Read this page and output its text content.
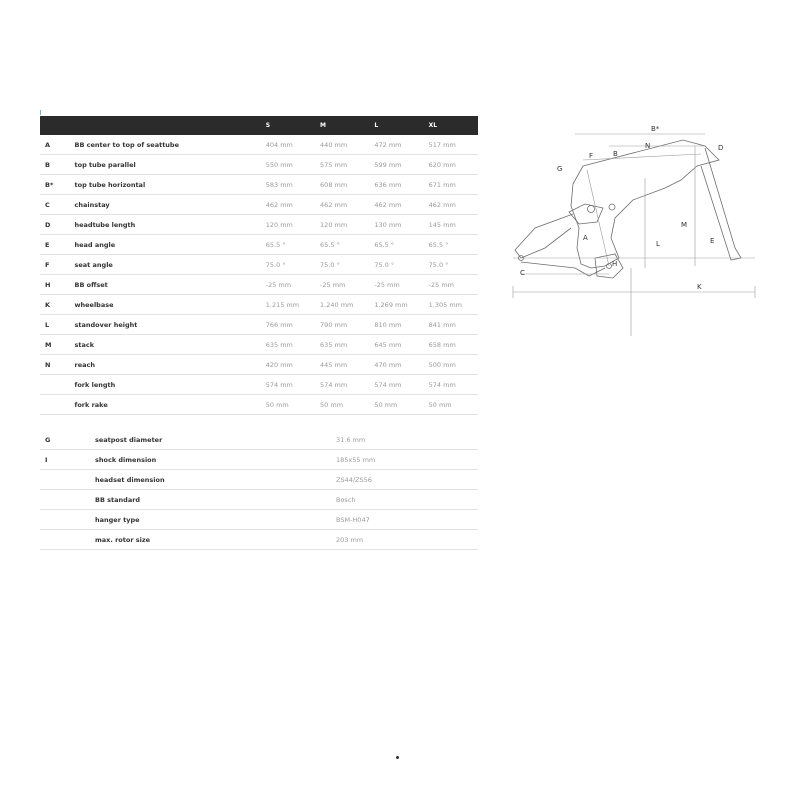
		S	M	L	XL
A	BB center to top of seattube	404 mm	440 mm	472 mm	517 mm
B	top tube parallel	550 mm	575 mm	599 mm	620 mm
B*	top tube horizontal	583 mm	608 mm	636 mm	671 mm
C	chainstay	462 mm	462 mm	462 mm	462 mm
D	headtube length	120 mm	120 mm	130 mm	145 mm
E	head angle	65.5 °	65.5 °	65.5 °	65.5 °
F	seat angle	75.0 °	75.0 °	75.0 °	75.0 °
H	BB offset	-25 mm	-25 mm	-25 mm	-25 mm
K	wheelbase	1.215 mm	1.240 mm	1.269 mm	1.305 mm
L	standover height	766 mm	790 mm	810 mm	841 mm
M	stack	635 mm	635 mm	645 mm	658 mm
N	reach	420 mm	445 mm	470 mm	500 mm
	fork length	574 mm	574 mm	574 mm	574 mm
	fork rake	50 mm	50 mm	50 mm	50 mm
G	seatpost diameter	31.6 mm
I	shock dimension	185x55 mm
	headset dimension	ZS44/ZS56
	BB standard	Bosch
	hanger type	BSM-H047
	max. rotor size	203 mm
B*
N
B
D
F
G
M
A
L	E
H
C
K
